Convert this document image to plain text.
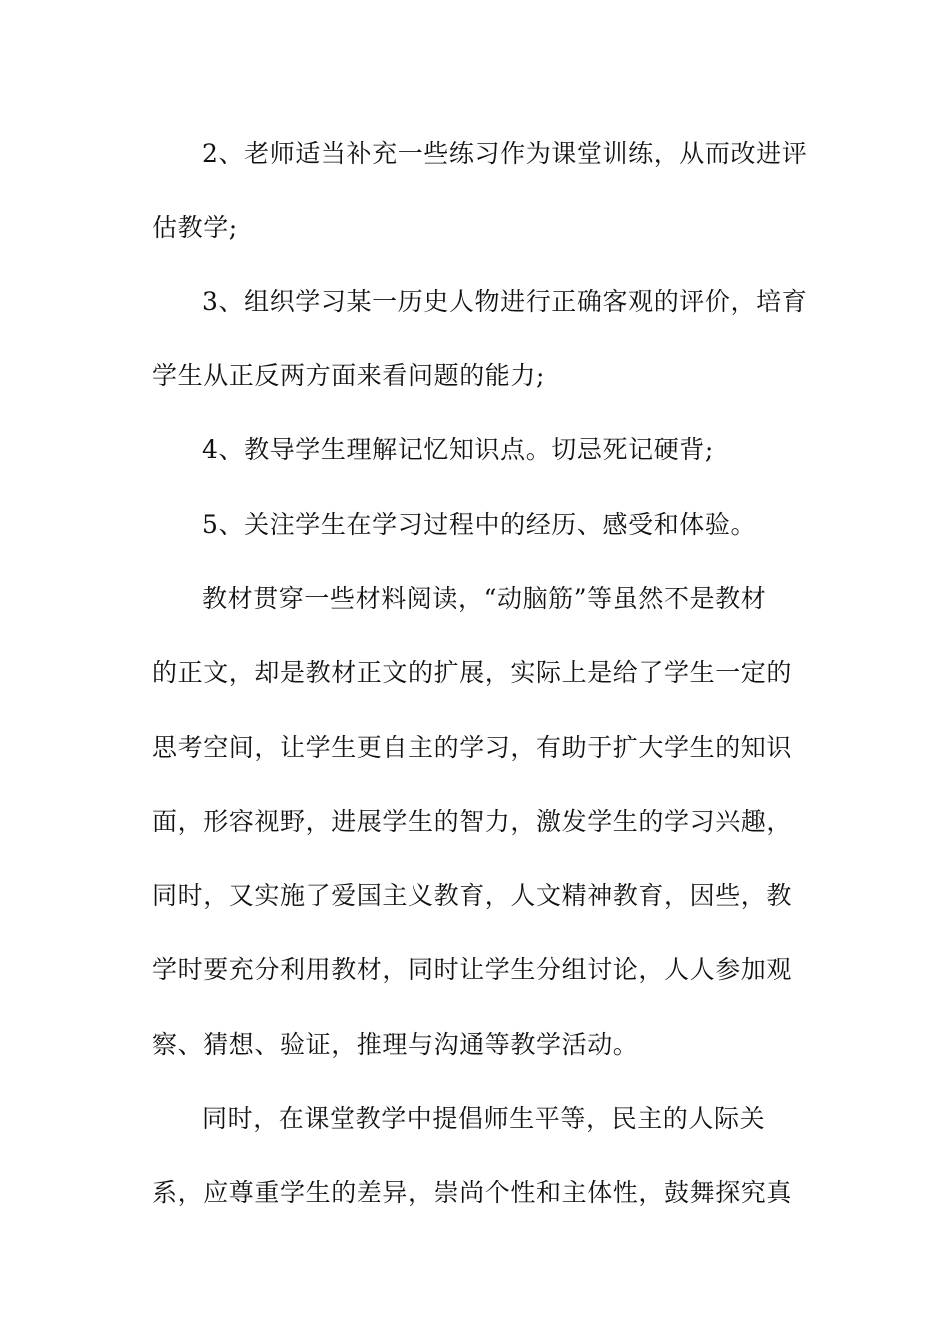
2、老师适当补充一些练习作为课堂训练，从而改进评
估教学;
3、组织学习某一历史人物进行正确客观的评价，培育
学生从正反两方面来看问题的能力;
4、教导学生理解记忆知识点。切忌死记硬背;
5、关注学生在学习过程中的经历、感受和体验。
教材贯穿一些材料阅读，“动脑筋”等虽然不是教材
的正文，却是教材正文的扩展，实际上是给了学生一定的
思考空间，让学生更自主的学习，有助于扩大学生的知识
面，形容视野，进展学生的智力，激发学生的学习兴趣，
同时，又实施了爱国主义教育，人文精神教育，因些，教
学时要充分利用教材，同时让学生分组讨论，人人参加观
察、猜想、验证，推理与沟通等教学活动。
同时，在课堂教学中提倡师生平等，民主的人际关
系，应尊重学生的差异，崇尚个性和主体性，鼓舞探究真
